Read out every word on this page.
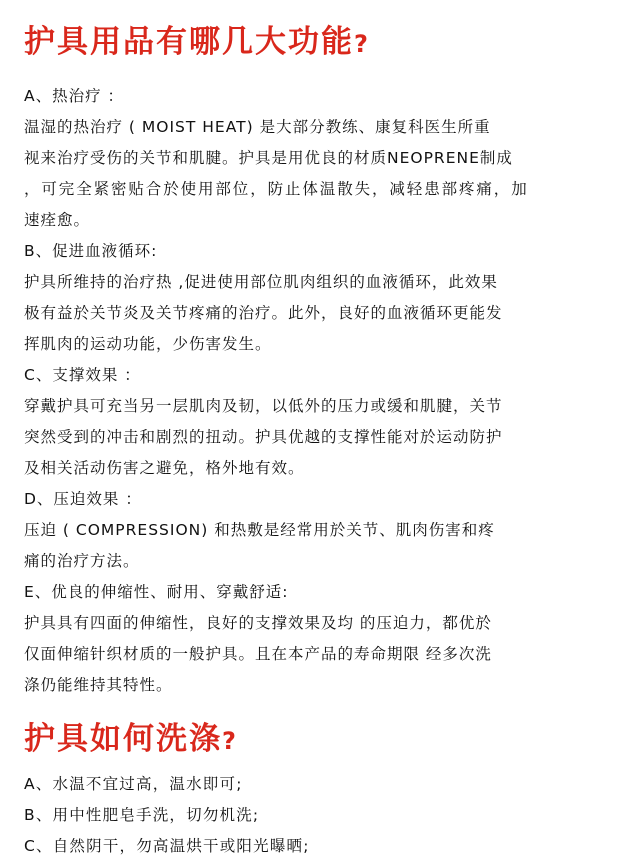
护具用品有哪几大功能?
A、热治疗 ：
温湿的热治疗 ( MOIST HEAT) 是大部分教练、康复科医生所重
视来治疗受伤的关节和肌腱。护具是用优良的材质NEOPRENE制成
，可完全紧密贴合於使用部位，防止体温散失，减轻患部疼痛，加
速痊愈。
B、促进血液循环:
护具所维持的治疗热 ,促进使用部位肌肉组织的血液循环，此效果
极有益於关节炎及关节疼痛的治疗。此外，良好的血液循环更能发
挥肌肉的运动功能，少伤害发生。
C、支撑效果 ：
穿戴护具可充当另一层肌肉及韧，以低外的压力或缓和肌腱，关节
突然受到的冲击和剧烈的扭动。护具优越的支撑性能对於运动防护
及相关活动伤害之避免，格外地有效。
D、压迫效果 ：
压迫 ( COMPRESSION) 和热敷是经常用於关节、肌肉伤害和疼
痛的治疗方法。
E、优良的伸缩性、耐用、穿戴舒适:
护具具有四面的伸缩性，良好的支撑效果及均 的压迫力，都优於
仅面伸缩针织材质的一般护具。且在本产品的寿命期限 经多次洗
涤仍能维持其特性。
护具如何洗涤?
A、水温不宜过高，温水即可;
B、用中性肥皂手洗，切勿机洗;
C、自然阴干，勿高温烘干或阳光曝晒;
